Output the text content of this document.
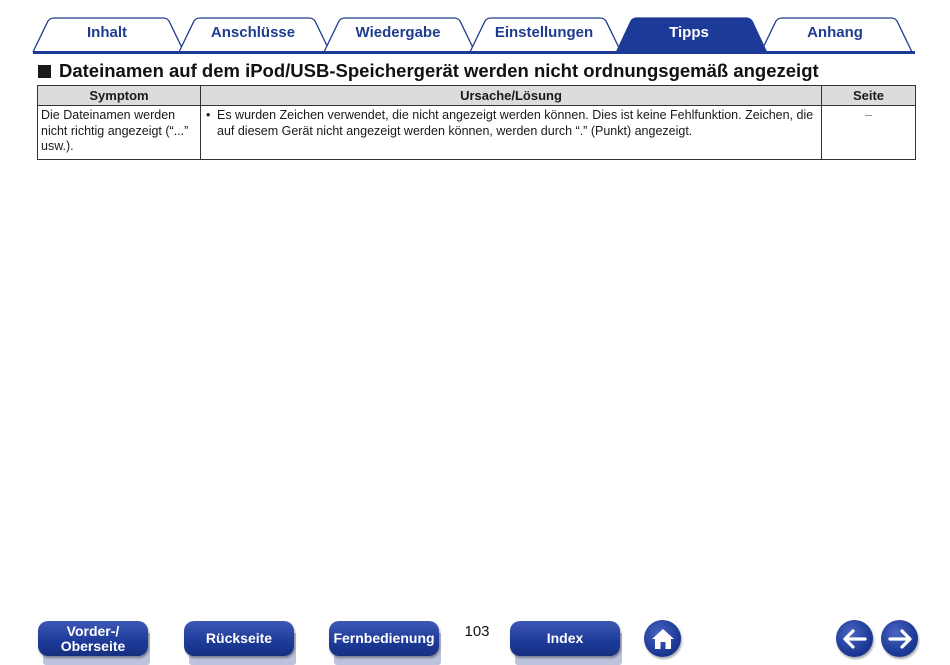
Inhalt	Anschlüsse	Wiedergabe	Einstellungen	Tipps	Anhang
Dateinamen auf dem iPod/USB-Speichergerät werden nicht ordnungsgemäß angezeigt
Symptom	Ursache/Lösung	Seite
Die Dateinamen werden nicht richtig angezeigt (“...” usw.).	• Es wurden Zeichen verwendet, die nicht angezeigt werden können. Dies ist keine Fehlfunktion. Zeichen, die auf diesem Gerät nicht angezeigt werden können, werden durch “.” (Punkt) angezeigt.	–
Vorder-/
Oberseite	Rückseite	Fernbedienung 103	Index
